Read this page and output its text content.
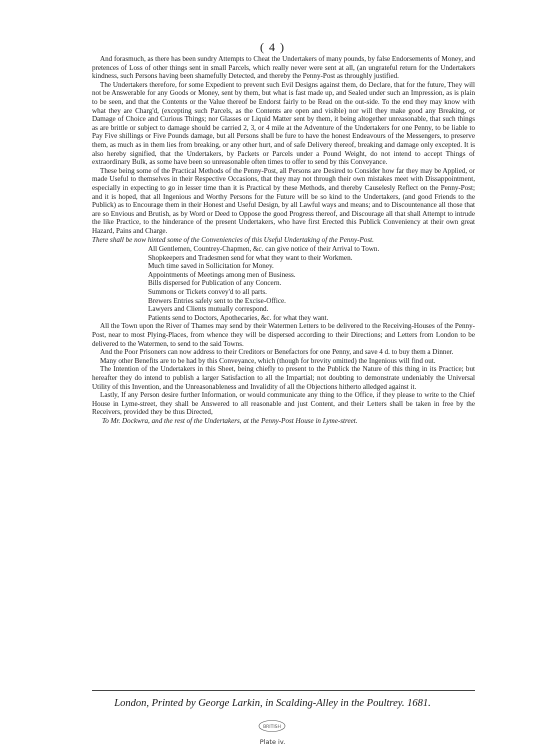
( 4 )

And forasmuch, as there has been sundry Attempts to Cheat the Undertakers of many pounds, by false Endorsements of Money, and pretences of Loss of other things sent in small Parcels, which really never were sent at all, (an ungrateful return for the Undertakers kindness, such Persons having been shamefully Detected, and thereby the Penny-Post as throughly justified.

The Undertakers therefore, for some Expedient to prevent such Evil Designs against them, do Declare, that for the future, They will not be Answerable for any Goods or Money, sent by them, but what is fast made up, and Sealed under such an Impression, as is plain to be seen, and that the Contents or the Value thereof be Endorst fairly to be Read on the out-side. To the end they may know with what they are Charg'd, (excepting such Parcels, as the Contents are open and visible) nor will they make good any Breaking, or Damage of Choice and Curious Things; nor Glasses or Liquid Matter sent by them, it being altogether unreasonable, that such things as are brittle or subject to damage should be carried 2, 3, or 4 mile at the Adventure of the Undertakers for one Penny, to be liable to Pay Five shillings or Five Pounds damage, but all Persons shall be fure to have the honest Endeavours of the Messengers, to preserve them, as much as in them lies from breaking, or any other hurt, and of safe Delivery thereof, breaking and damage only excepted. It is also hereby signified, that the Undertakers, by Packets or Parcels under a Pound Weight, do not intend to accept Things of extraordinary Bulk, as some have been so unreasonable often times to offer to send by this Conveyance.

These being some of the Practical Methods of the Penny-Post, all Persons are Desired to Consider how far they may be Applied, or made Useful to themselves in their Respective Occasions, that they may not through their own mistakes meet with Dissappointment, especially in expecting to go in lesser time than it is Practical by these Methods, and thereby Causelesly Reflect on the Penny-Post; and it is hoped, that all Ingenious and Worthy Persons for the Future will be so kind to the Undertakers, (and good Friends to the Publick) as to Encourage them in their Honest and Useful Design, by all Lawful ways and means; and to Discountenance all those that are so Envious and Brutish, as by Word or Deed to Oppose the good Progress thereof, and Discourage all that shall Attempt to intrude the like Practice, to the hinderance of the present Undertakers, who have first Erected this Publick Conveniency at their own great Hazard, Pains and Charge.

There shall be now hinted some of the Conveniencies of this Useful Undertaking of the Penny-Post.

All Gentlemen, Countrey-Chapmen, &c. can give notice of their Arrival to Town.
Shopkeepers and Tradesmen send for what they want to their Workmen.
Much time saved in Sollicitation for Money.
Appointments of Meetings among men of Business.
Bills dispersed for Publication of any Concern.
Summons or Tickets convey'd to all parts.
Brewers Entries safely sent to the Excise-Office.
Lawyers and Clients mutually correspond.
Patients send to Doctors, Apothecaries, &c. for what they want.

All the Town upon the River of Thames may send by their Watermen Letters to be delivered to the Receiving-Houses of the Penny-Post, near to most Plying-Places, from whence they will be dispersed according to their Directions; and Letters from London to be delivered to the Watermen, to send to the said Towns.

And the Poor Prisoners can now address to their Creditors or Benefactors for one Penny, and save 4 d. to buy them a Dinner.

Many other Benefits are to be had by this Conveyance, which (though for brevity omitted) the Ingenious will find out.

The Intention of the Undertakers in this Sheet, being chiefly to present to the Publick the Nature of this thing in its Practice; but hereafter they do intend to publish a larger Satisfaction to all the Impartial; not doubting to demonstrate undeniably the Universal Utility of this Invention, and the Unreasonableness and Invalidity of all the Objections hitherto alledged against it.

Lastly, If any Person desire further Information, or would communicate any thing to the Office, if they please to write to the Chief House in Lyme-street, they shall be Answered to all reasonable and just Content, and their Letters shall be taken in free by the Receivers, provided they be thus Directed,

To Mr. Dockwra, and the rest of the Undertakers, at the Penny-Post House in Lyme-street.

London, Printed by George Larkin, in Scalding-Alley in the Poultrey. 1681.
BRITISH
Plate iv.
